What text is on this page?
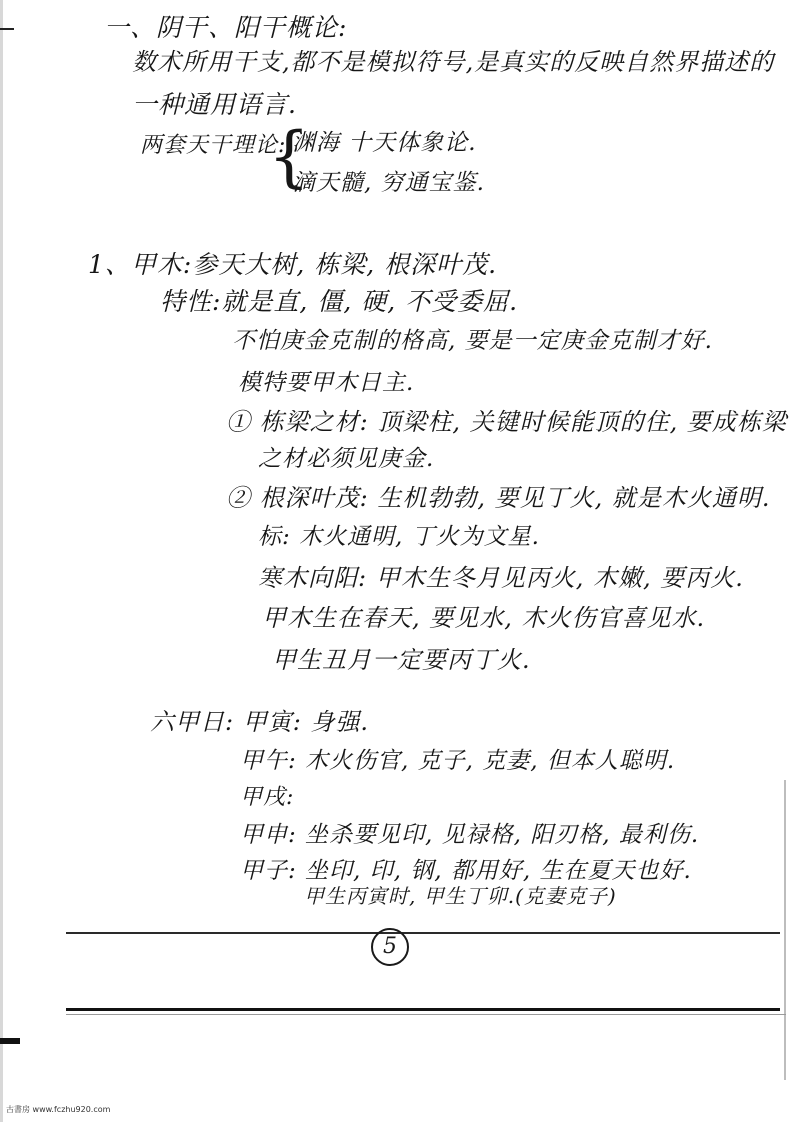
一、阴干、阳干概论:
数术所用干支,都不是模拟符号,是真实的反映自然界描述的
一种通用语言.
两套天干理论:
{
渊海 十天体象论.
滴天髓, 穷通宝鉴.
1、甲木:参天大树, 栋梁, 根深叶茂.
特性:就是直, 僵, 硬, 不受委屈.
不怕庚金克制的格高, 要是一定庚金克制才好.
模特要甲木日主.
① 栋梁之材: 顶梁柱, 关键时候能顶的住, 要成栋梁
之材必须见庚金.
② 根深叶茂: 生机勃勃, 要见丁火, 就是木火通明.
标: 木火通明, 丁火为文星.
寒木向阳: 甲木生冬月见丙火, 木嫩, 要丙火.
甲木生在春天, 要见水, 木火伤官喜见水.
甲生丑月一定要丙丁火.
六甲日: 甲寅: 身强.
甲午: 木火伤官, 克子, 克妻, 但本人聪明.
甲戌:
甲申: 坐杀要见印, 见禄格, 阳刃格, 最利伤.
甲子: 坐印, 印, 钢, 都用好, 生在夏天也好.
甲生丙寅时, 甲生丁卯.(克妻克子)
5
古書房 www.fczhu920.com
